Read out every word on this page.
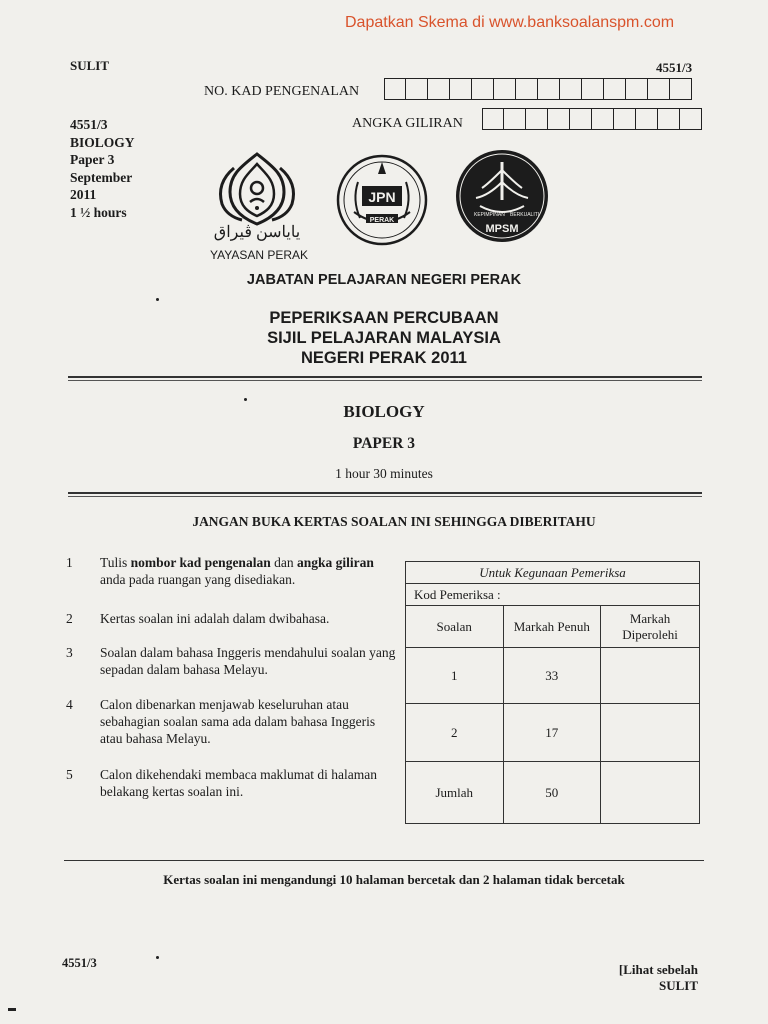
Dapatkan Skema di www.banksoalanspm.com
SULIT	4551/3
NO. KAD PENGENALAN
ANGKA GILIRAN
4551/3
BIOLOGY
Paper 3
September
2011
1 ½ hours
ياياسن ڤيراق
YAYASAN PERAK
JPN
PERAK
KEPIMPINAN BERKUALITI
MPSM
JABATAN PELAJARAN NEGERI PERAK
PEPERIKSAAN PERCUBAAN
SIJIL PELAJARAN MALAYSIA
NEGERI PERAK 2011
BIOLOGY
PAPER 3
1 hour 30 minutes
JANGAN BUKA KERTAS SOALAN INI SEHINGGA DIBERITAHU
1 Tulis nombor kad pengenalan dan angka giliran anda pada ruangan yang disediakan.
2 Kertas soalan ini adalah dalam dwibahasa.
3 Soalan dalam bahasa Inggeris mendahului soalan yang sepadan dalam bahasa Melayu.
4 Calon dibenarkan menjawab keseluruhan atau sebahagian soalan sama ada dalam bahasa Inggeris atau bahasa Melayu.
5 Calon dikehendaki membaca maklumat di halaman belakang kertas soalan ini.
Untuk Kegunaan Pemeriksa		
Kod Pemeriksa :		
Soalan	Markah Penuh	Markah Diperolehi
1	33	
2	17	
Jumlah	50	
Kertas soalan ini mengandungi 10 halaman bercetak dan 2 halaman tidak bercetak
4551/3	[Lihat sebelah
SULIT
